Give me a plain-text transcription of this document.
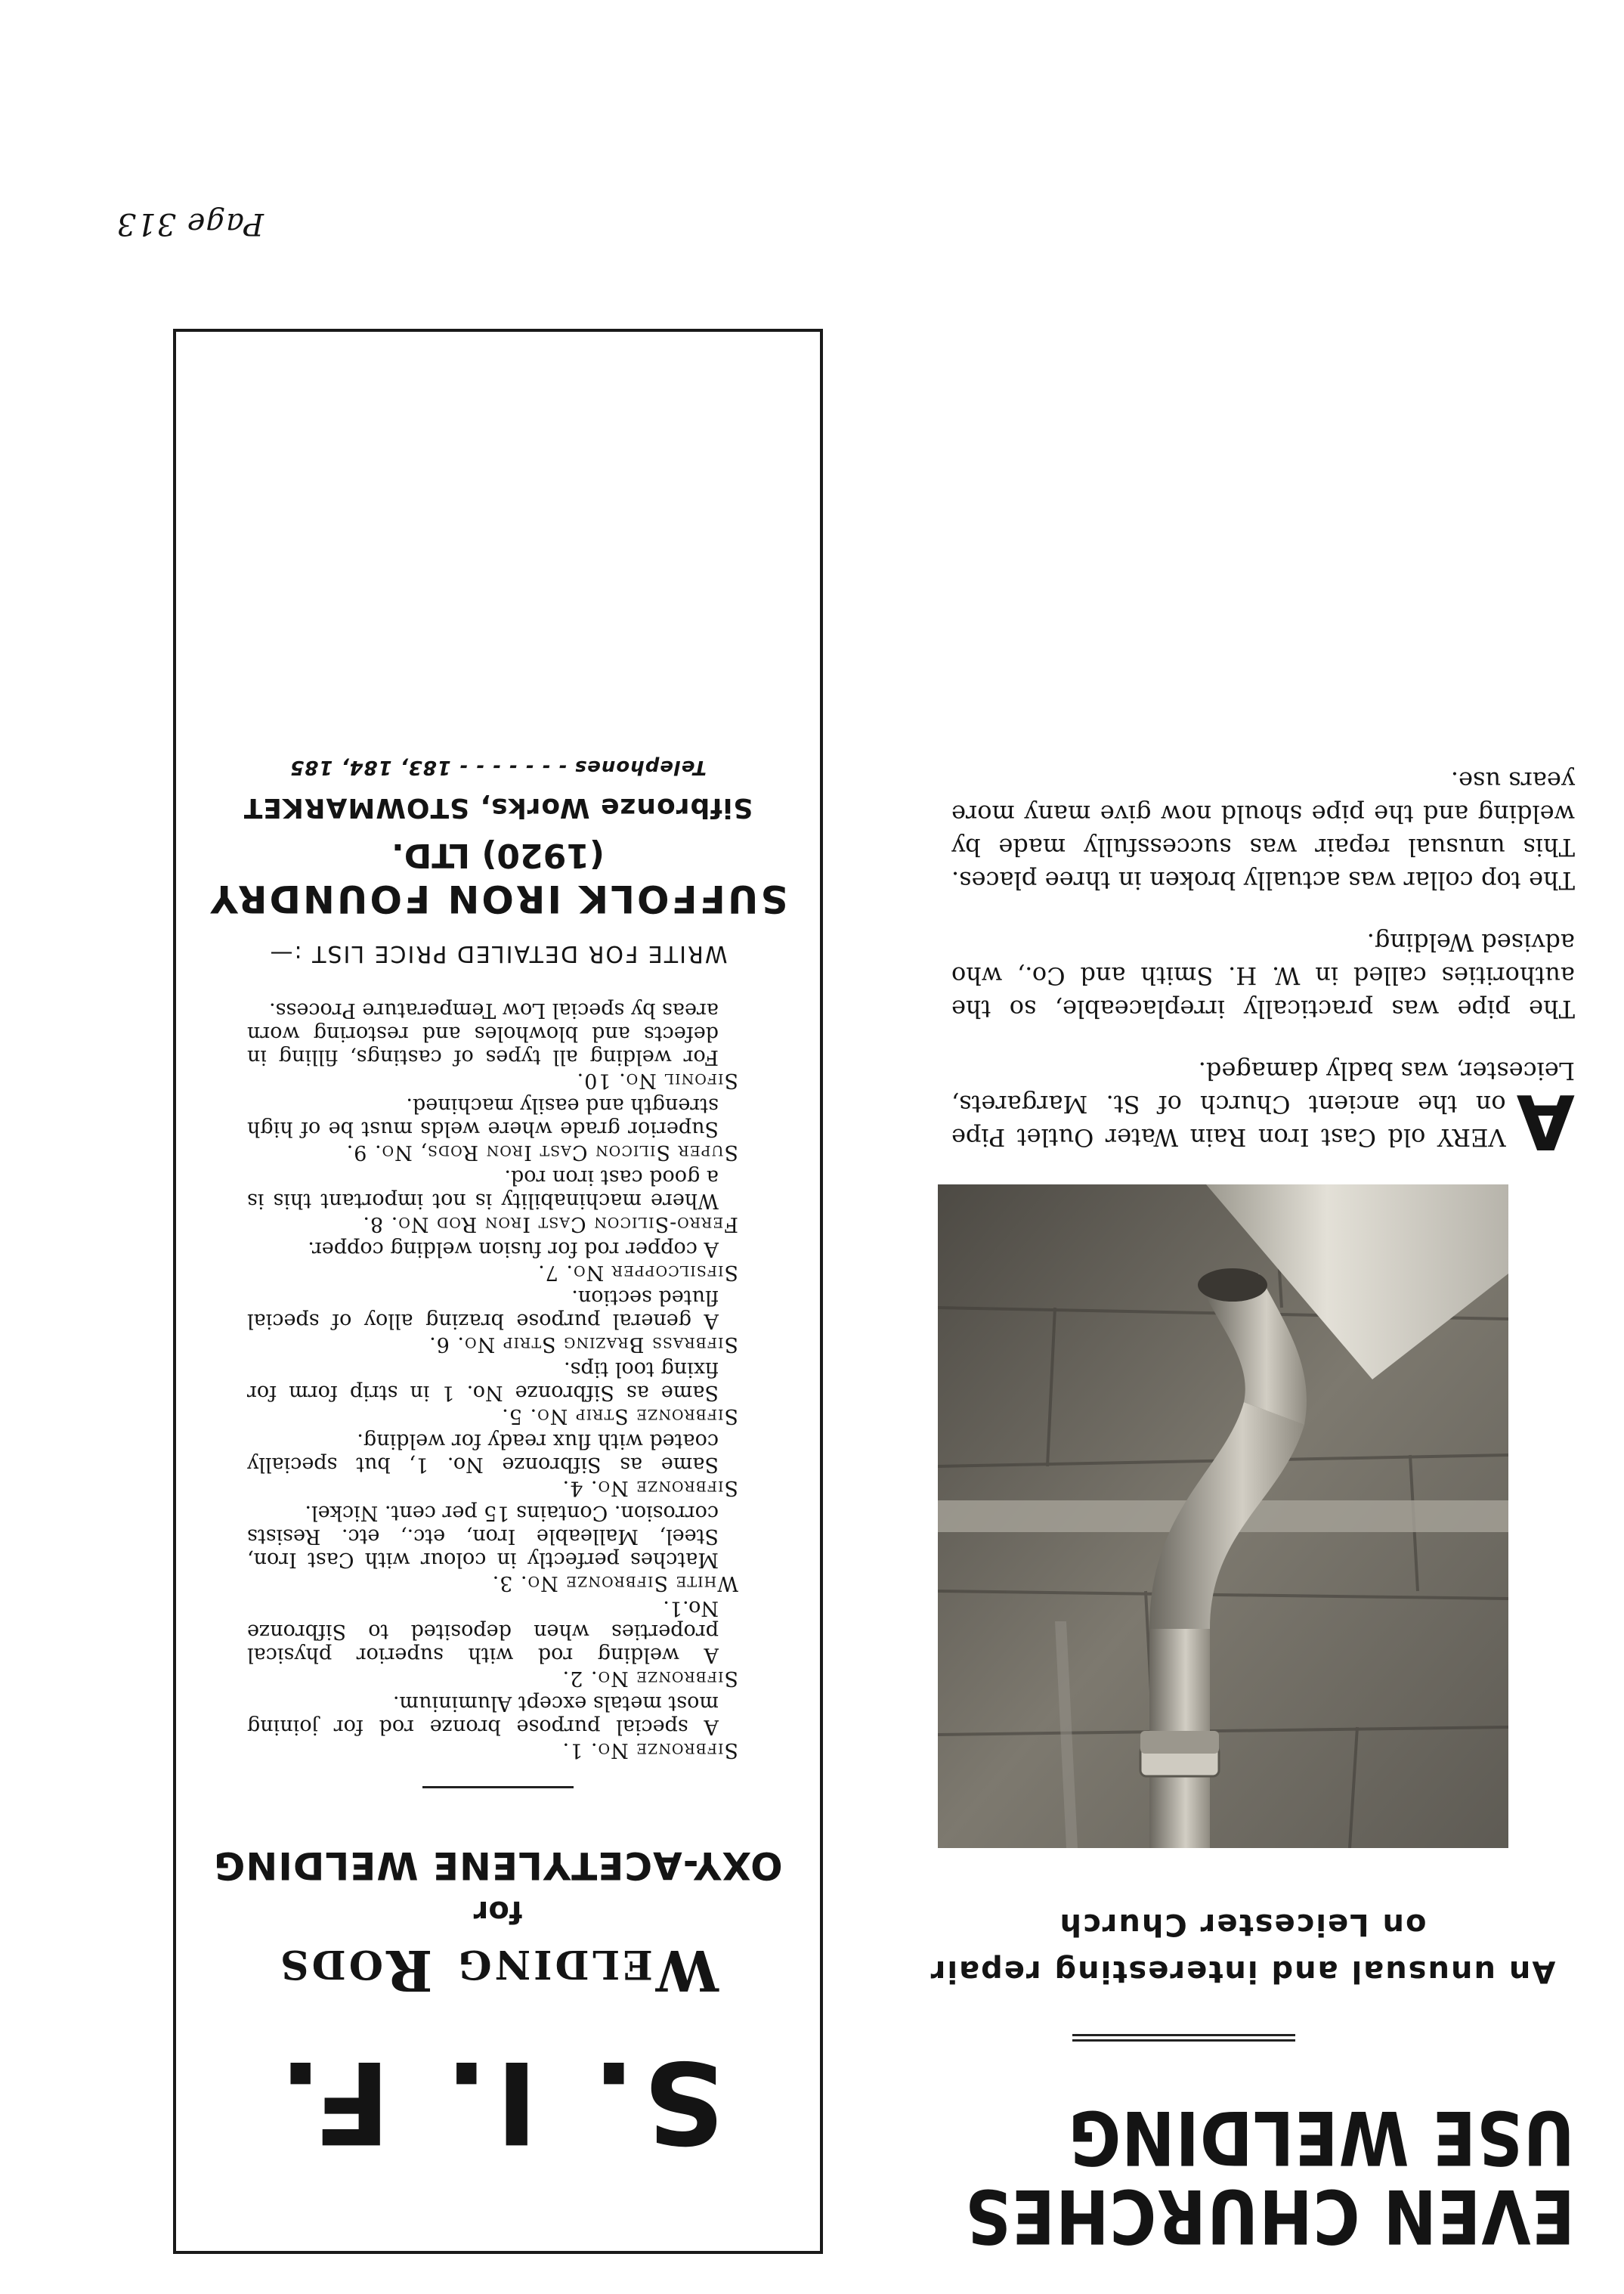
EVEN CHURCHES
USE WELDING
An unusual and interesting repair
on Leicester Church

A
VERY old Cast Iron Rain Water Outlet Pipe on the ancient Church of St. Margarets, Leicester, was badly damaged.

The pipe was practically irreplaceable, so the authorities called in W. H. Smith and Co., who advised Welding.

The top collar was actually broken in three places. This unusual repair was successfully made by welding and the pipe should now give many more years use.

S. I. F.
Welding Rods
for
OXY-ACETYLENE WELDING
Sifbronze No. 1.
A special purpose bronze rod for joining most metals except Aluminium.
Sifbronze No. 2.
A welding rod with superior physical properties when deposited to Sifbronze No.1.
White Sifbronze No. 3.
Matches perfectly in colour with Cast Iron, Steel, Malleable Iron, etc., etc. Resists corrosion. Contains 15 per cent. Nickel.
Sifbronze No. 4.
Same as Sifbronze No. 1, but specially coated with flux ready for welding.
Sifbronze Strip No. 5.
Same as Sifbronze No. 1 in strip form for fixing tool tips.
Sifbrass Brazing Strip No. 6.
A general purpose brazing alloy of special fluted section.
Sifsilcopper No. 7.
A copper rod for fusion welding copper.
Ferro-Silicon Cast Iron Rod No. 8.
Where machinability is not important this is a good cast iron rod.
Super Silicon Cast Iron Rods, No. 9.
Superior grade where welds must be of high strength and easily machined.
Sifonil No. 10.
For welding all types of castings, filling in defects and blowholes and restoring worn areas by special Low Temperature Process.
WRITE FOR DETAILED PRICE LIST :—
SUFFOLK IRON FOUNDRY
(1920) LTD.
Sifbronze Works, STOWMARKET
Telephones - - - - - - - 183, 184, 185
Page 313
